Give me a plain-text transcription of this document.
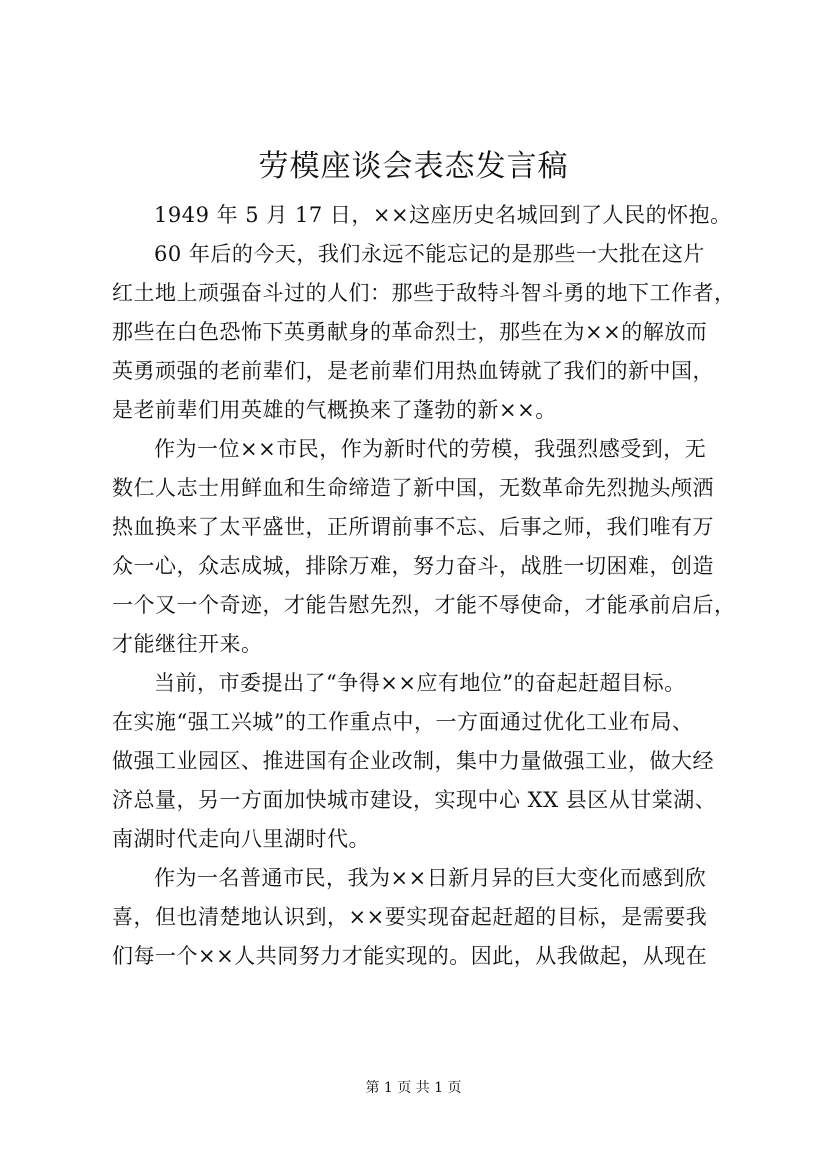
劳模座谈会表态发言稿
1949 年 5 月 17 日，××这座历史名城回到了人民的怀抱。
60 年后的今天，我们永远不能忘记的是那些一大批在这片
红土地上顽强奋斗过的人们：那些于敌特斗智斗勇的地下工作者，
那些在白色恐怖下英勇献身的革命烈士，那些在为××的解放而
英勇顽强的老前辈们，是老前辈们用热血铸就了我们的新中国，
是老前辈们用英雄的气概换来了蓬勃的新××。
作为一位××市民，作为新时代的劳模，我强烈感受到，无
数仁人志士用鲜血和生命缔造了新中国，无数革命先烈抛头颅洒
热血换来了太平盛世，正所谓前事不忘、后事之师，我们唯有万
众一心，众志成城，排除万难，努力奋斗，战胜一切困难，创造
一个又一个奇迹，才能告慰先烈，才能不辱使命，才能承前启后，
才能继往开来。
当前，市委提出了“争得××应有地位”的奋起赶超目标。
在实施“强工兴城”的工作重点中，一方面通过优化工业布局、
做强工业园区、推进国有企业改制，集中力量做强工业，做大经
济总量，另一方面加快城市建设，实现中心 XX 县区从甘棠湖、
南湖时代走向八里湖时代。
作为一名普通市民，我为××日新月异的巨大变化而感到欣
喜，但也清楚地认识到，××要实现奋起赶超的目标，是需要我
们每一个××人共同努力才能实现的。因此，从我做起，从现在
第 1 页 共 1 页
